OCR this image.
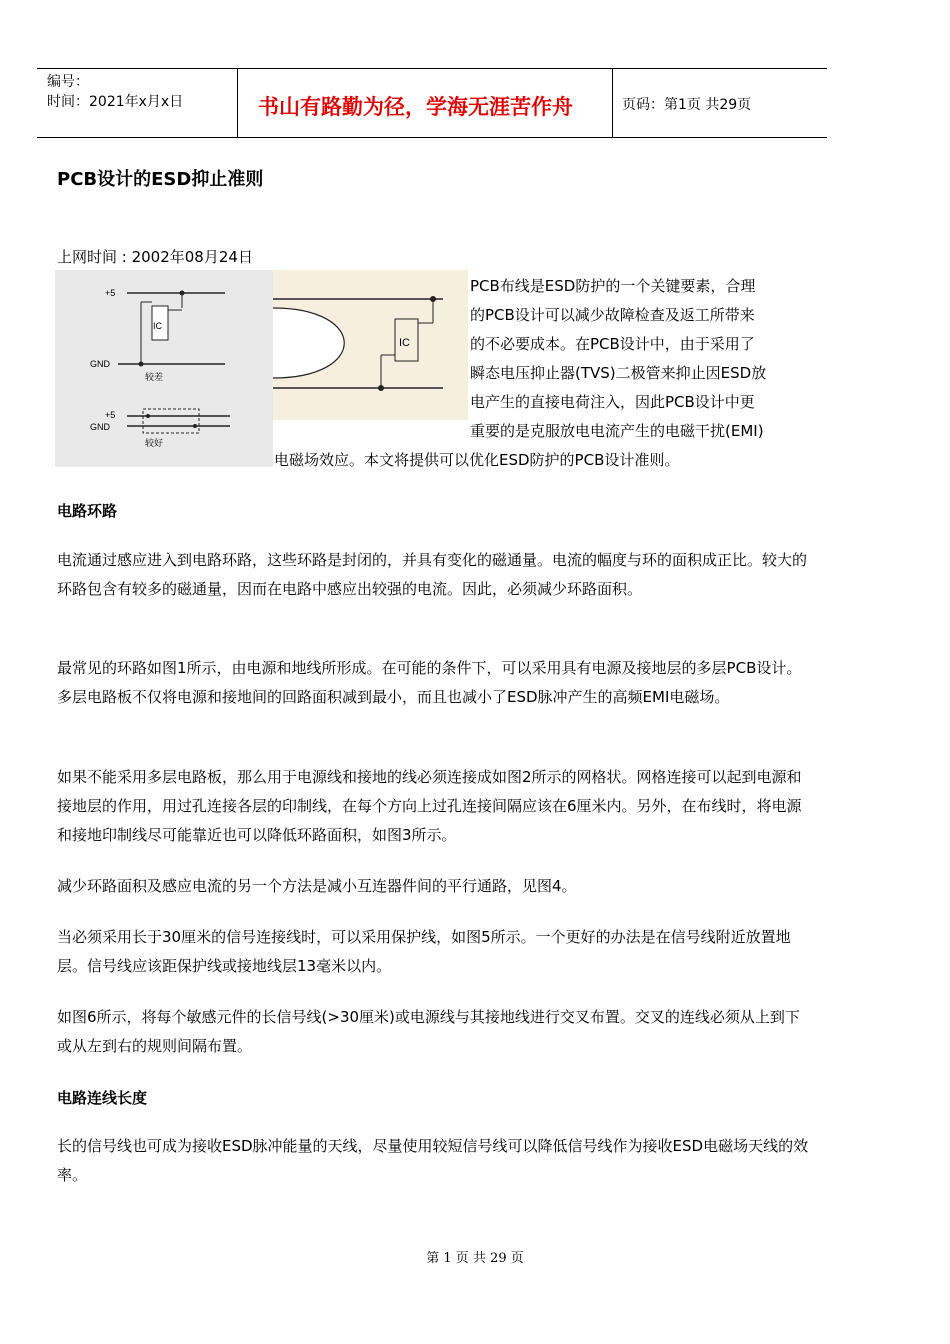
编号：
时间：2021年x月x日	书山有路勤为径，学海无涯苦作舟	页码：第1页 共29页
PCB设计的ESD抑止准则
上网时间 : 2002年08月24日
+5
GND
IC
较差
+5
GND
较好
IC
PCB布线是ESD防护的一个关键要素，合理
的PCB设计可以减少故障检查及返工所带来
的不必要成本。在PCB设计中，由于采用了
瞬态电压抑止器(TVS)二极管来抑止因ESD放
电产生的直接电荷注入，因此PCB设计中更
重要的是克服放电电流产生的电磁干扰(EMI)
电磁场效应。本文将提供可以优化ESD防护的PCB设计准则。
电路环路
电流通过感应进入到电路环路，这些环路是封闭的，并具有变化的磁通量。电流的幅度与环的面积成正比。较大的环路包含有较多的磁通量，因而在电路中感应出较强的电流。因此，必须减少环路面积。
最常见的环路如图1所示，由电源和地线所形成。在可能的条件下，可以采用具有电源及接地层的多层PCB设计。多层电路板不仅将电源和接地间的回路面积减到最小，而且也减小了ESD脉冲产生的高频EMI电磁场。
如果不能采用多层电路板，那么用于电源线和接地的线必须连接成如图2所示的网格状。网格连接可以起到电源和接地层的作用，用过孔连接各层的印制线，在每个方向上过孔连接间隔应该在6厘米内。另外，在布线时，将电源和接地印制线尽可能靠近也可以降低环路面积，如图3所示。
减少环路面积及感应电流的另一个方法是减小互连器件间的平行通路，见图4。
当必须采用长于30厘米的信号连接线时，可以采用保护线，如图5所示。一个更好的办法是在信号线附近放置地层。信号线应该距保护线或接地线层13毫米以内。
如图6所示，将每个敏感元件的长信号线(>30厘米)或电源线与其接地线进行交叉布置。交叉的连线必须从上到下或从左到右的规则间隔布置。
电路连线长度
长的信号线也可成为接收ESD脉冲能量的天线，尽量使用较短信号线可以降低信号线作为接收ESD电磁场天线的效率。
第 1 页 共 29 页
